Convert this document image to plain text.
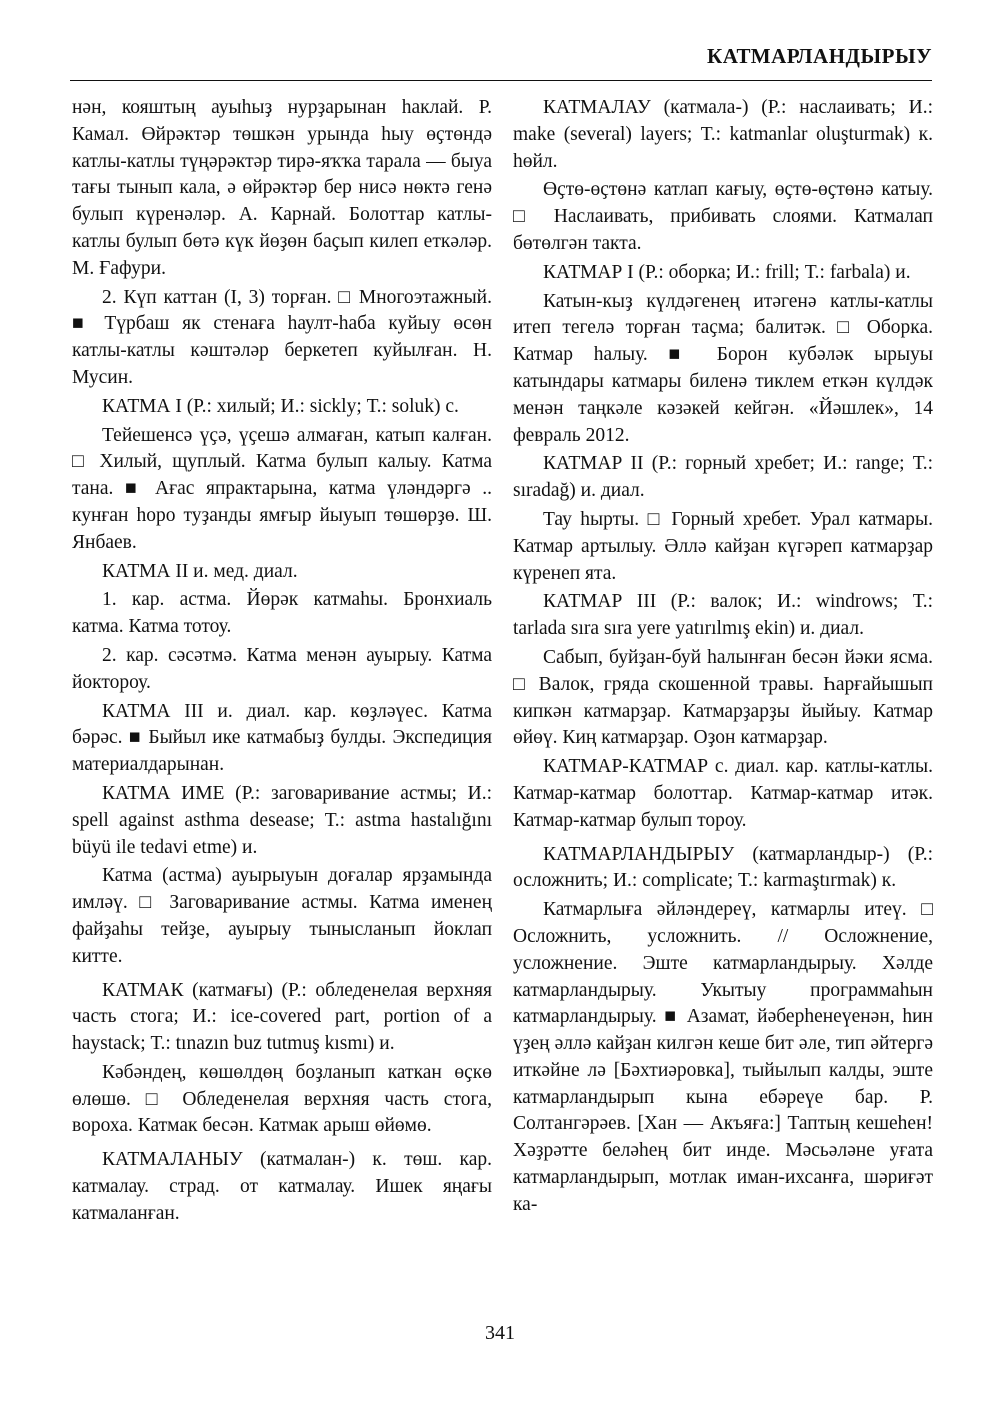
КАТМАРЛАНДЫРЫУ

нән, кояштың ауыһыҙ нурҙарынан һаклай. Р. Камал. Өйрәктәр төшкән урында һыу өҫтөндә катлы-катлы түңәрәктәр тирә-яҡҡа тарала — быуа тағы тынып кала, ә өйрәктәр бер нисә нөктә генә булып күренәләр. А. Карнай. Болоттар катлы-катлы булып бөтә күк йөҙөн баҫып килеп еткәләр. М. Ғафури.

2. Күп каттан (I, 3) торған. □ Многоэтажный. ■ Түрбаш як стенаға һаулт-һаба куйыу өсөн катлы-катлы кәштәләр беркетеп куйылған. Н. Мусин.

КАТМА I (Р.: хилый; И.: sickly; Т.: soluk) с.

Тейешенсә үҫә, үҫешә алмаған, катып калған. □ Хилый, щуплый. Катма булып калыу. Катма тана. ■ Ағас япрактарына, катма үләндәргә .. кунған һоро туҙанды ямғыр йыуып төшөрҙө. Ш. Янбаев.

КАТМА II и. мед. диал.

1. кар. астма. Йөрәк катмаһы. Бронхиаль катма. Катма тотоу.

2. кар. сәсәтмә. Катма менән ауырыу. Катма йоктороу.

КАТМА III и. диал. кар. көҙләүес. Катма бәрәс. ■ Быйыл ике катмабыҙ булды. Экспедиция материалдарынан.

КАТМА ИМЕ (Р.: заговаривание астмы; И.: spell against asthma desease; Т.: astma hastalığını büyü ile tedavi etme) и.

Катма (астма) ауырыуын доғалар ярҙамында имләү. □ Заговаривание астмы. Катма именең файҙаһы тейҙе, ауырыу тынысланып йоклап китте.

КАТМАК (катмағы) (Р.: обледенелая верхняя часть стога; И.: ice-covered part, portion of a haystack; Т.: tınazın buz tutmuş kısmı) и.

Кәбәндең, көшөлдөң боҙланып каткан өҫкө өлөшө. □ Обледенелая верхняя часть стога, вороха. Катмак бесән. Катмак арыш өйөмө.

КАТМАЛАНЫУ (катмалан-) к. төш. кар. катмалау. страд. от катмалау. Ишек яңағы катмаланған.

КАТМАЛАУ (катмала-) (Р.: наслаивать; И.: make (several) layers; Т.: katmanlar oluşturmak) к. һөйл.

Өҫтө-өҫтөнә катлап кағыу, өҫтө-өҫтөнә катыу. □ Наслаивать, прибивать слоями. Катмалап бөтөлгән такта.

КАТМАР I (Р.: оборка; И.: frill; Т.: farbala) и.

Катын-кыҙ күлдәгенең итәгенә катлы-катлы итеп тегелә торған таҫма; балитәк. □ Оборка. Катмар һалыу. ■ Борон кубәләк ырыуы катындары катмары биленә тиклем еткән күлдәк менән таңкәле кәзәкей кейгән. «Йәшлек», 14 февраль 2012.

КАТМАР II (Р.: горный хребет; И.: range; Т.: sıradağ) и. диал.

Тау һырты. □ Горный хребет. Урал катмары. Катмар артылыу. Әллә кайҙан күгәреп катмарҙар күренеп ята.

КАТМАР III (Р.: валок; И.: windrows; Т.: tarlada sıra sıra yere yatırılmış ekin) и. диал.

Сабып, буйҙан-буй һалынған бесән йәки ясма. □ Валок, гряда скошенной травы. Һарғайышып кипкән катмарҙар. Катмарҙарҙы йыйыу. Катмар өйөү. Киң катмарҙар. Оҙон катмарҙар.

КАТМАР-КАТМАР с. диал. кар. катлы-катлы. Катмар-катмар болоттар. Катмар-катмар итәк. Катмар-катмар булып тороу.

КАТМАРЛАНДЫРЫУ (катмарландыр-) (Р.: осложнить; И.: complicate; Т.: karmaştırmak) к.

Катмарлыға әйләндереү, катмарлы итеү. □ Осложнить, усложнить. // Осложнение, усложнение. Эште катмарландырыу. Хәлде катмарландырыу. Укытыу программаһын катмарландырыу. ■ Азамат, йәберһенеүенән, һин үҙең әллә кайҙан килгән кеше бит әле, тип әйтергә иткәйне лә [Бәхтиәровка], тыйылып калды, эште катмарландырып кына ебәреүе бар. Р. Солтангәрәев. [Хан — Акъяға:] Таптың кешеһен! Хәҙрәтте беләһең бит инде. Мәсьәләне уғата катмарландырып, мотлак иман-ихсанға, шәриғәт ка-

341
